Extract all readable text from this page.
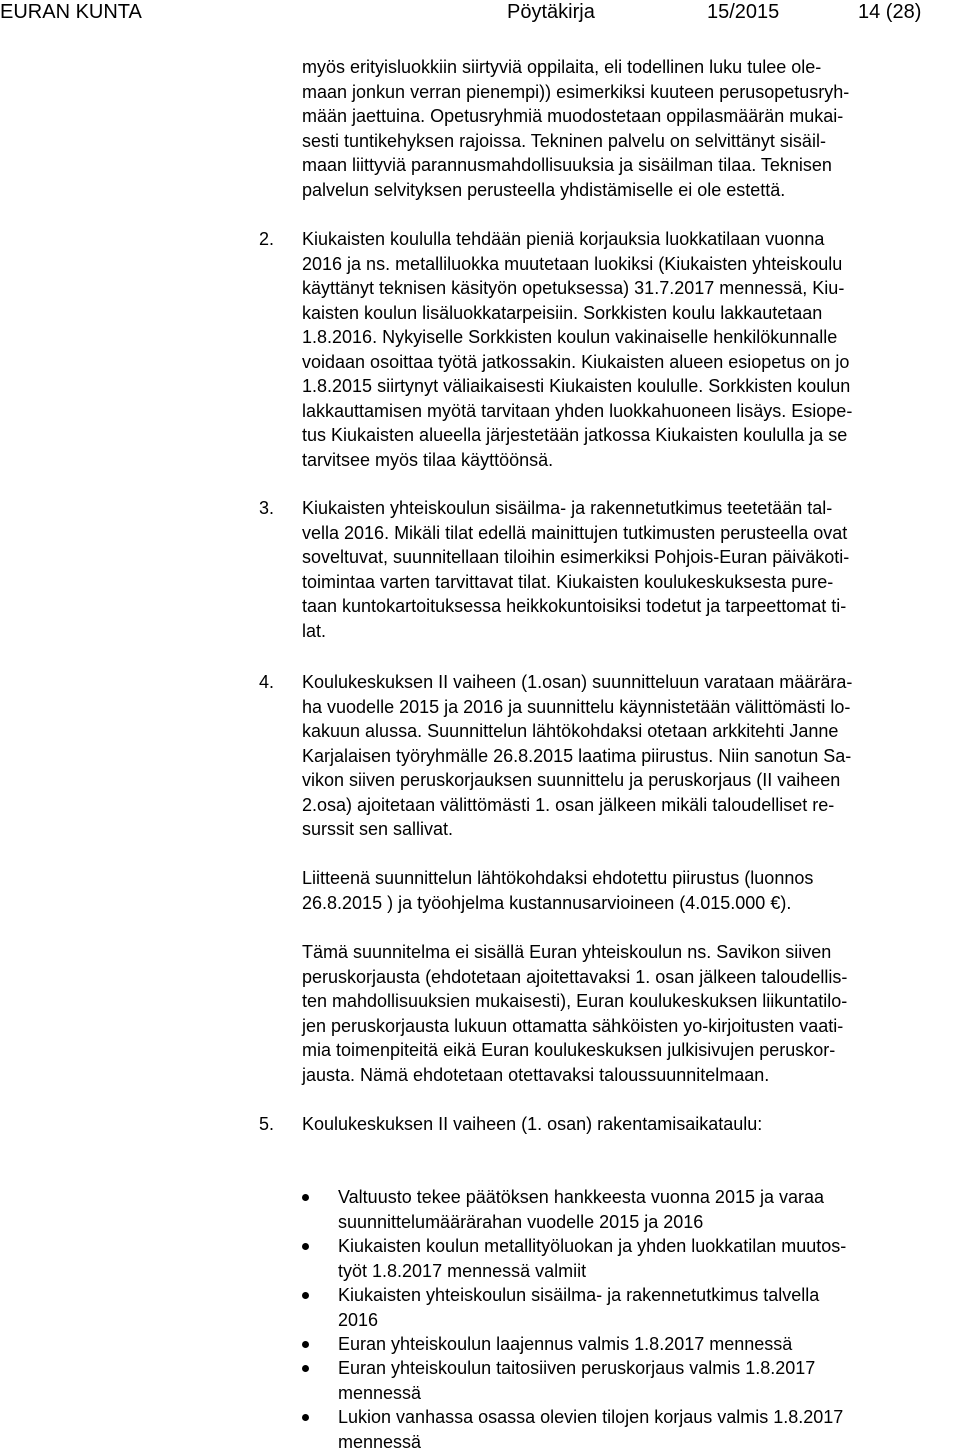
EURAN KUNTA	Pöytäkirja	15/2015	14 (28)
myös erityisluokkiin siirtyviä oppilaita, eli todellinen luku tulee ole-
maan jonkun verran pienempi)) esimerkiksi kuuteen perusopetusryh-
mään jaettuina. Opetusryhmiä muodostetaan oppilasmäärän mukai-
sesti tuntikehyksen rajoissa. Tekninen palvelu on selvittänyt sisäil-
maan liittyviä parannusmahdollisuuksia ja sisäilman tilaa. Teknisen
palvelun selvityksen perusteella yhdistämiselle ei ole estettä.
2. Kiukaisten koululla tehdään pieniä korjauksia luokkatilaan vuonna
2016 ja ns. metalliluokka muutetaan luokiksi (Kiukaisten yhteiskoulu
käyttänyt teknisen käsityön opetuksessa) 31.7.2017 mennessä, Kiu-
kaisten koulun lisäluokkatarpeisiin. Sorkkisten koulu lakkautetaan
1.8.2016. Nykyiselle Sorkkisten koulun vakinaiselle henkilökunnalle
voidaan osoittaa työtä jatkossakin. Kiukaisten alueen esiopetus on jo
1.8.2015 siirtynyt väliaikaisesti Kiukaisten koululle. Sorkkisten koulun
lakkauttamisen myötä tarvitaan yhden luokkahuoneen lisäys. Esiope-
tus Kiukaisten alueella järjestetään jatkossa Kiukaisten koululla ja se
tarvitsee myös tilaa käyttöönsä.
3. Kiukaisten yhteiskoulun sisäilma- ja rakennetutkimus teetetään tal-
vella 2016. Mikäli tilat edellä mainittujen tutkimusten perusteella ovat
soveltuvat, suunnitellaan tiloihin esimerkiksi Pohjois-Euran päiväkoti-
toimintaa varten tarvittavat tilat. Kiukaisten koulukeskuksesta pure-
taan kuntokartoituksessa heikkokuntoisiksi todetut ja tarpeettomat ti-
lat.
4. Koulukeskuksen II vaiheen (1.osan) suunnitteluun varataan määrära-
ha vuodelle 2015 ja 2016 ja suunnittelu käynnistetään välittömästi lo-
kakuun alussa. Suunnittelun lähtökohdaksi otetaan arkkitehti Janne
Karjalaisen työryhmälle 26.8.2015 laatima piirustus. Niin sanotun Sa-
vikon siiven peruskorjauksen suunnittelu ja peruskorjaus (II vaiheen
2.osa) ajoitetaan välittömästi 1. osan jälkeen mikäli taloudelliset re-
surssit sen sallivat.
Liitteenä suunnittelun lähtökohdaksi ehdotettu piirustus (luonnos
26.8.2015 ) ja työohjelma kustannusarvioineen (4.015.000 €).
Tämä suunnitelma ei sisällä Euran yhteiskoulun ns. Savikon siiven
peruskorjausta (ehdotetaan ajoitettavaksi 1. osan jälkeen taloudellis-
ten mahdollisuuksien mukaisesti), Euran koulukeskuksen liikuntatilo-
jen peruskorjausta lukuun ottamatta sähköisten yo-kirjoitusten vaati-
mia toimenpiteitä eikä Euran koulukeskuksen julkisivujen peruskor-
jausta. Nämä ehdotetaan otettavaksi taloussuunnitelmaan.
5. Koulukeskuksen II vaiheen (1. osan) rakentamisaikataulu:
Valtuusto tekee päätöksen hankkeesta vuonna 2015 ja varaa
suunnittelumäärärahan vuodelle 2015 ja 2016
Kiukaisten koulun metallityöluokan ja yhden luokkatilan muutos-
työt 1.8.2017 mennessä valmiit
Kiukaisten yhteiskoulun sisäilma- ja rakennetutkimus talvella
2016
Euran yhteiskoulun laajennus valmis 1.8.2017 mennessä
Euran yhteiskoulun taitosiiven peruskorjaus valmis 1.8.2017
mennessä
Lukion vanhassa osassa olevien tilojen korjaus valmis 1.8.2017
mennessä
